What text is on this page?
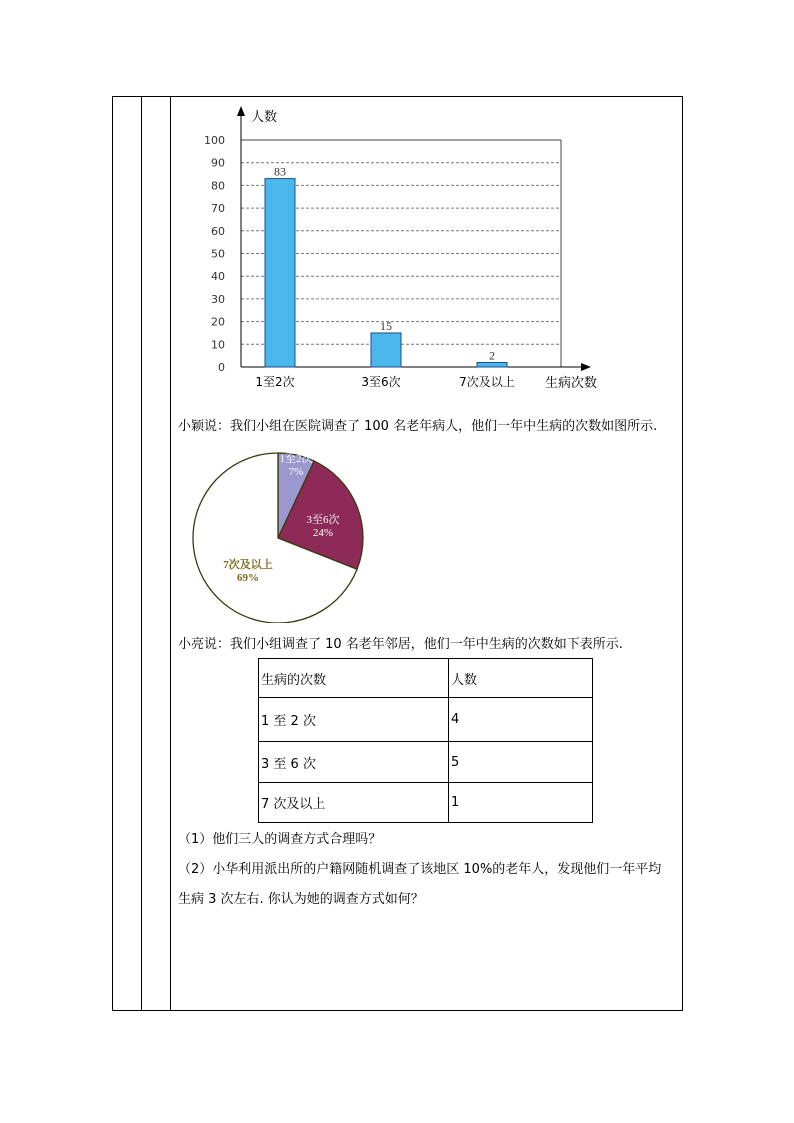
0
10
20
30
40
50
60
70
80
90
100
83
1至2次
15
3至6次
2
7次及以上
人数
生病次数
小颖说：我们小组在医院调查了 100 名老年病人，他们一年中生病的次数如图所示.
1至2次
7%
3至6次
24%
7次及以上
69%
小亮说：我们小组调查了 10 名老年邻居，他们一年中生病的次数如下表所示.
生病的次数	人数
1 至 2 次	4
3 至 6 次	5
7 次及以上	1
（1）他们三人的调查方式合理吗？
（2）小华利用派出所的户籍网随机调查了该地区 10%的老年人，发现他们一年平均
生病 3 次左右. 你认为她的调查方式如何？
